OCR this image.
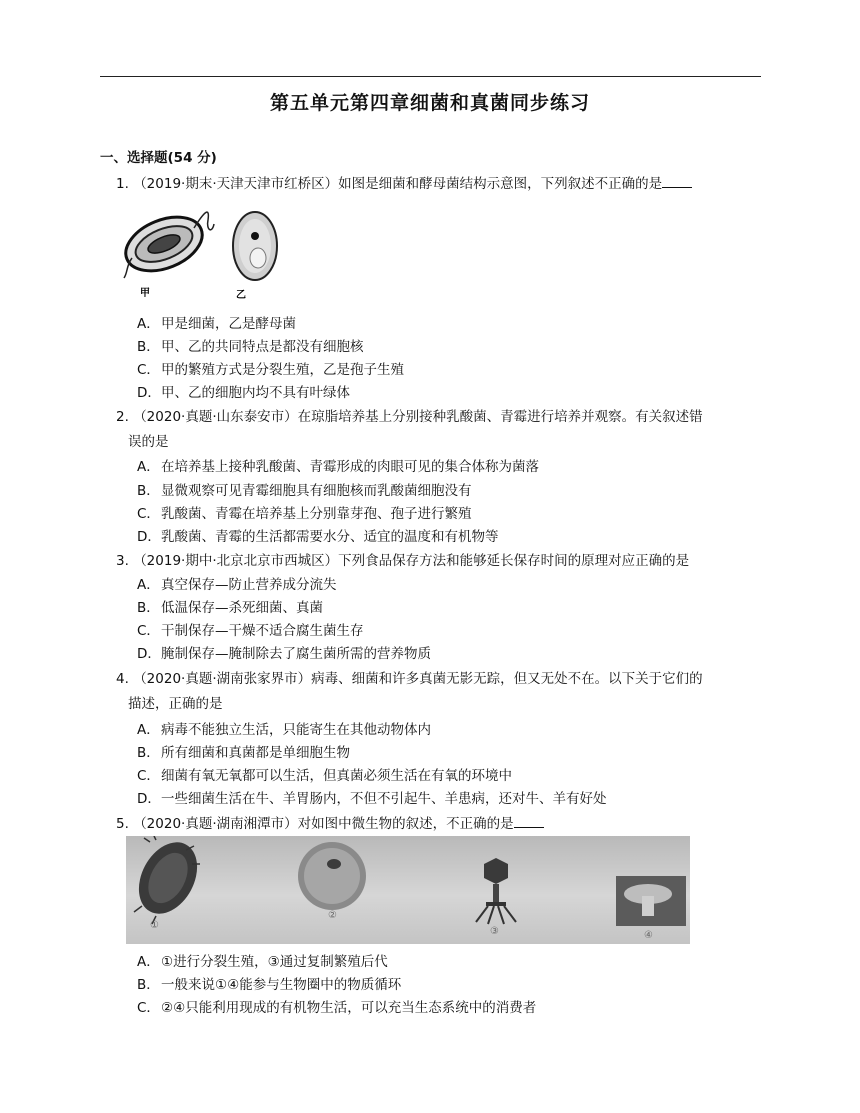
第五单元第四章细菌和真菌同步练习
一、选择题(54 分)
1. （2019·期末·天津天津市红桥区）如图是细菌和酵母菌结构示意图，下列叙述不正确的是
甲	乙
A．甲是细菌，乙是酵母菌
B．甲、乙的共同特点是都没有细胞核
C．甲的繁殖方式是分裂生殖，乙是孢子生殖
D．甲、乙的细胞内均不具有叶绿体
2. （2020·真题·山东泰安市）在琼脂培养基上分别接种乳酸菌、青霉进行培养并观察。有关叙述错
误的是
A．在培养基上接种乳酸菌、青霉形成的肉眼可见的集合体称为菌落
B．显微观察可见青霉细胞具有细胞核而乳酸菌细胞没有
C．乳酸菌、青霉在培养基上分别靠芽孢、孢子进行繁殖
D．乳酸菌、青霉的生活都需要水分、适宜的温度和有机物等
3. （2019·期中·北京北京市西城区）下列食品保存方法和能够延长保存时间的原理对应正确的是
A．真空保存—防止营养成分流失
B．低温保存—杀死细菌、真菌
C．干制保存—干燥不适合腐生菌生存
D．腌制保存—腌制除去了腐生菌所需的营养物质
4. （2020·真题·湖南张家界市）病毒、细菌和许多真菌无影无踪，但又无处不在。以下关于它们的
描述，正确的是
A．病毒不能独立生活，只能寄生在其他动物体内
B．所有细菌和真菌都是单细胞生物
C．细菌有氧无氧都可以生活，但真菌必须生活在有氧的环境中
D．一些细菌生活在牛、羊胃肠内，不但不引起牛、羊患病，还对牛、羊有好处
5. （2020·真题·湖南湘潭市）对如图中微生物的叙述，不正确的是
①
②
③	④
A．①进行分裂生殖，③通过复制繁殖后代
B．一般来说①④能参与生物圈中的物质循环
C．②④只能利用现成的有机物生活，可以充当生态系统中的消费者
